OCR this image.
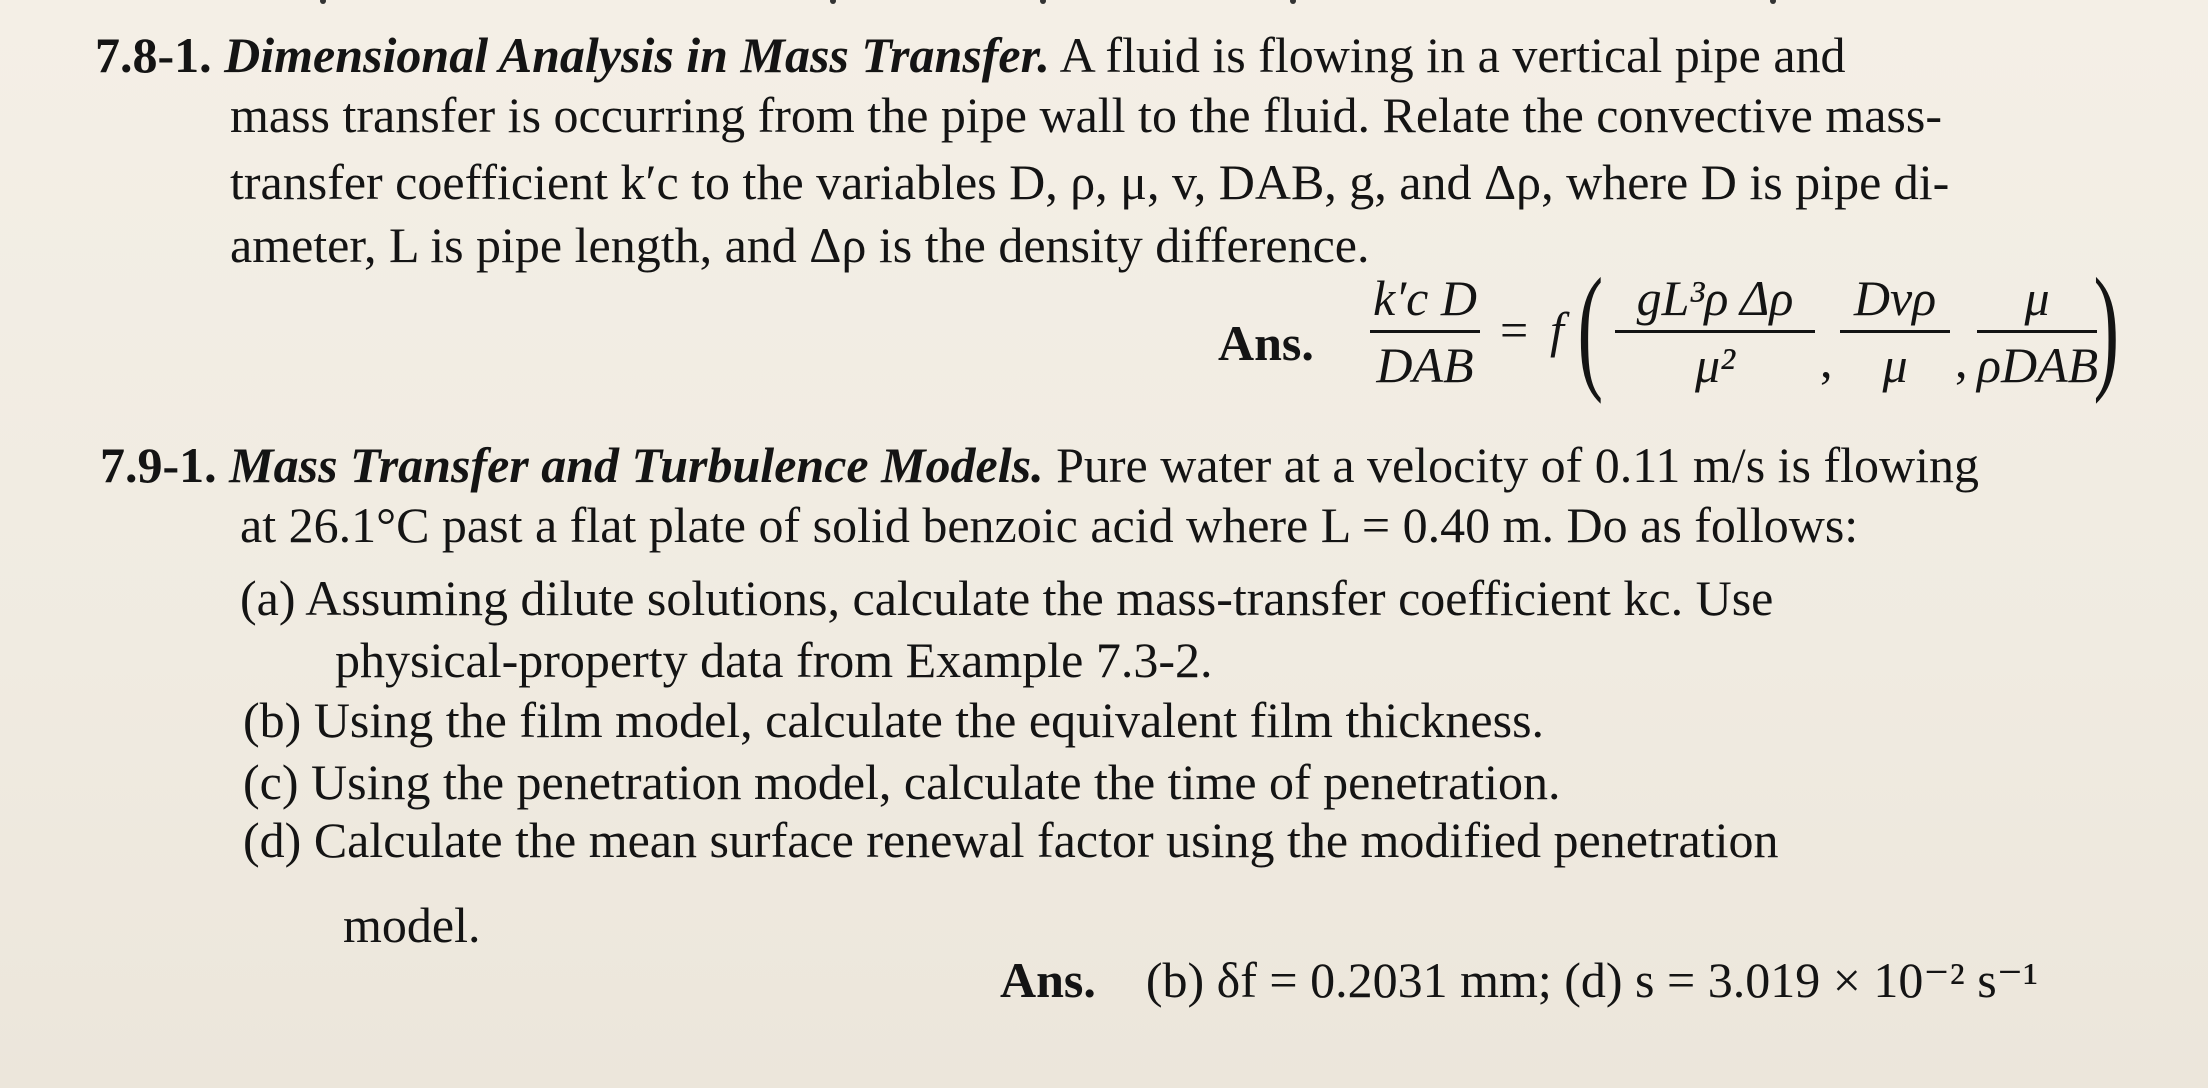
7.8-1. Dimensional Analysis in Mass Transfer. A fluid is flowing in a vertical pipe and
mass transfer is occurring from the pipe wall to the fluid. Relate the convective mass-
transfer coefficient k′c to the variables D, ρ, μ, v, DAB, g, and Δρ, where D is pipe di-
ameter, L is pipe length, and Δρ is the density difference.
Ans.
k′c D
DAB
= f ( gL³ρ Δρ
μ²	,
Dvρ
μ ,
μ
ρDAB
)
7.9-1. Mass Transfer and Turbulence Models. Pure water at a velocity of 0.11 m/s is flowing
at 26.1°C past a flat plate of solid benzoic acid where L = 0.40 m. Do as follows:
(a) Assuming dilute solutions, calculate the mass-transfer coefficient kc. Use
physical-property data from Example 7.3-2.
(b) Using the film model, calculate the equivalent film thickness.
(c) Using the penetration model, calculate the time of penetration.
(d) Calculate the mean surface renewal factor using the modified penetration
model.
Ans. (b) δf = 0.2031 mm; (d) s = 3.019 × 10⁻² s⁻¹
